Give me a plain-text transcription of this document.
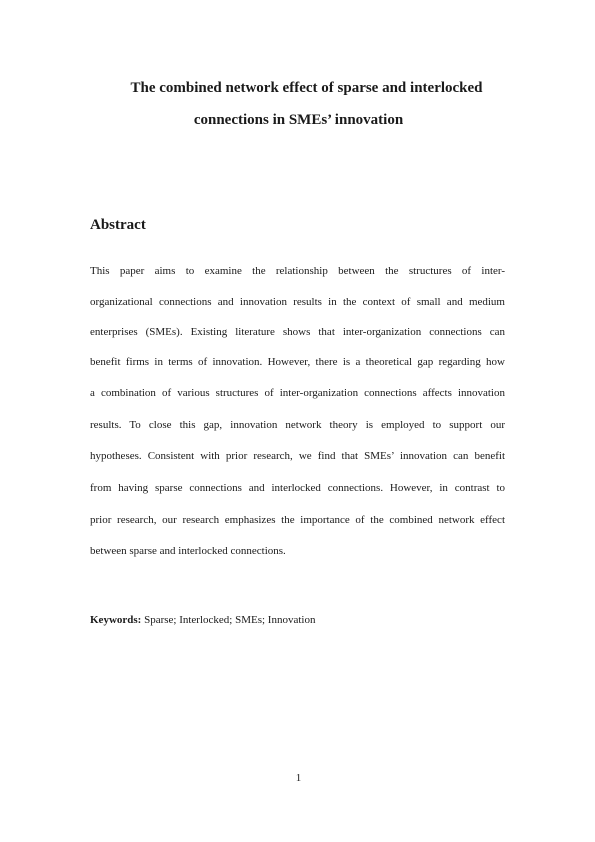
The combined network effect of sparse and interlocked
connections in SMEs’ innovation
Abstract
This paper aims to examine the relationship between the structures of inter-
organizational connections and innovation results in the context of small and medium
enterprises (SMEs). Existing literature shows that inter-organization connections can
benefit firms in terms of innovation. However, there is a theoretical gap regarding how
a combination of various structures of inter-organization connections affects innovation
results. To close this gap, innovation network theory is employed to support our
hypotheses. Consistent with prior research, we find that SMEs’ innovation can benefit
from having sparse connections and interlocked connections. However, in contrast to
prior research, our research emphasizes the importance of the combined network effect
between sparse and interlocked connections.
Keywords: Sparse; Interlocked; SMEs; Innovation
1
